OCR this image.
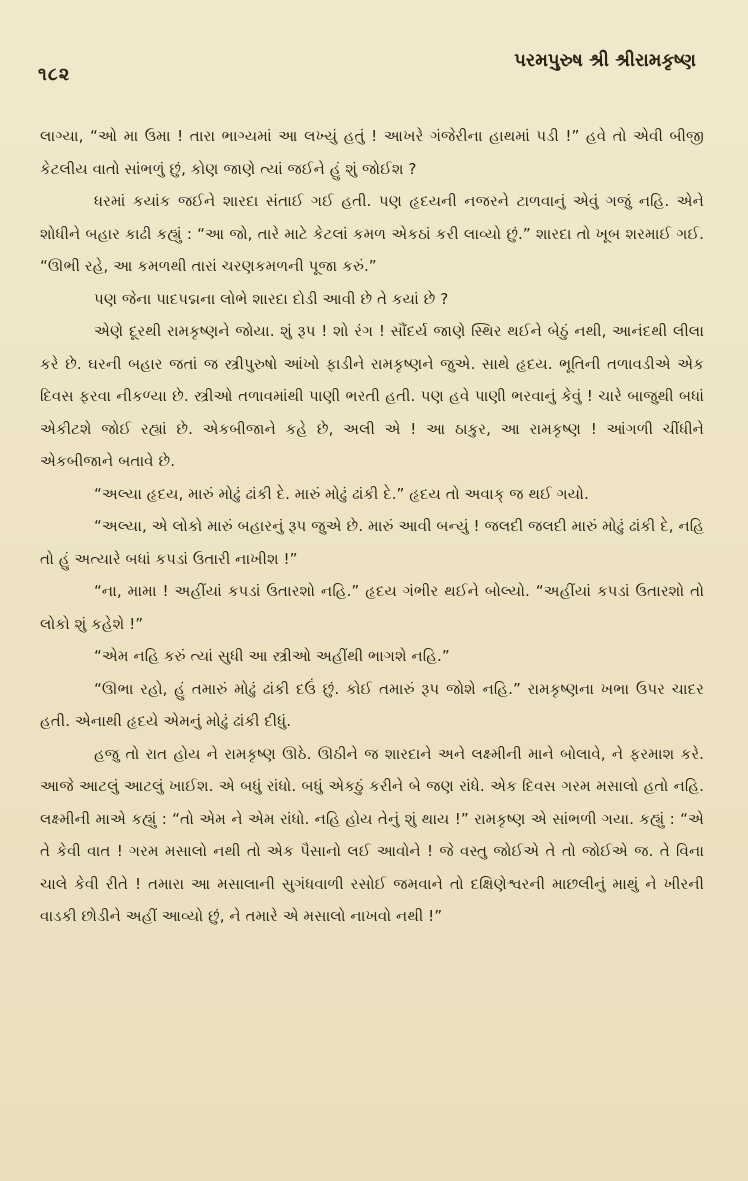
૧૮૨
પરમપુરુષ શ્રી શ્રીરામકૃષ્ણ

લાગ્યા, “ઓ મા ઉમા ! તારા ભાગ્યમાં આ લખ્યું હતું ! આખરે ગંજેરીના હાથમાં પડી !” હવે તો એવી બીજી કેટલીય વાતો સાંભળું છું, કોણ જાણે ત્યાં જઈને હું શું જોઈશ ?

ધરમાં કયાંક જઈને શારદા સંતાઈ ગઈ હતી. પણ હૃદયની નજરને ટાળવાનું એવું ગજું નહિ. એને શોધીને બહાર કાઢી કહ્યું : “આ જો, તારે માટે કેટલાં કમળ એકઠાં કરી લાવ્યો છું.” શારદા તો ખૂબ શરમાઈ ગઈ. “ઊભી રહે, આ કમળથી તારાં ચરણકમળની પૂજા કરું.”

પણ જેના પાદપદ્મના લોભે શારદા દોડી આવી છે તે કયાં છે ?

એણે દૂરથી રામકૃષ્ણને જોયા. શું રૂપ ! શો રંગ ! સૌંદર્ય જાણે સ્થિર થઈને બેઠું નથી, આનંદથી લીલા કરે છે. ઘરની બહાર જતાં જ સ્ત્રીપુરુષો આંખો ફાડીને રામકૃષ્ણને જુએ. સાથે હૃદય. ભૂતિની તળાવડીએ એક દિવસ ફરવા નીકળ્યા છે. સ્ત્રીઓ તળાવમાંથી પાણી ભરતી હતી. પણ હવે પાણી ભરવાનું કેવું ! ચારે બાજુથી બધાં એકીટશે જોઈ રહ્યાં છે. એકબીજાને કહે છે, અલી એ ! આ ઠાકુર, આ રામકૃષ્ણ ! આંગળી ચીંધીને એકબીજાને બતાવે છે.

“અલ્યા હૃદય, મારું મોઢું ઢાંકી દે. મારું મોઢું ઢાંકી દે.” હૃદય તો અવાક્ જ થઈ ગયો.

“અલ્યા, એ લોકો મારું બહારનું રૂપ જુએ છે. મારું આવી બન્યું ! જલદી જલદી મારું મોઢું ઢાંકી દે, નહિ તો હું અત્યારે બધાં કપડાં ઉતારી નાખીશ !”

“ના, મામા ! અહીંયાં કપડાં ઉતારશો નહિ.” હૃદય ગંભીર થઈને બોલ્યો. “અહીંયાં કપડાં ઉતારશો તો લોકો શું કહેશે !”

“એમ નહિ કરું ત્યાં સુધી આ સ્ત્રીઓ અહીંથી ભાગશે નહિ.”

“ઊભા રહો, હું તમારું મોઢું ઢાંકી દઉં છું. કોઈ તમારું રૂપ જોશે નહિ.” રામકૃષ્ણના ખભા ઉપર ચાદર હતી. એનાથી હૃદયે એમનું મોઢું ઢાંકી દીધું.

હજુ તો રાત હોય ને રામકૃષ્ણ ઊઠે. ઊઠીને જ શારદાને અને લક્ષ્મીની માને બોલાવે, ને ફરમાશ કરે. આજે આટલું આટલું ખાઈશ. એ બધું રાંધો. બધું એકઠું કરીને બે જણ રાંધે. એક દિવસ ગરમ મસાલો હતો નહિ. લક્ષ્મીની માએ કહ્યું : “તો એમ ને એમ રાંધો. નહિ હોય તેનું શું થાય !” રામકૃષ્ણ એ સાંભળી ગયા. કહ્યું : “એ તે કેવી વાત ! ગરમ મસાલો નથી તો એક પૈસાનો લઈ આવોને ! જે વસ્તુ જોઈએ તે તો જોઈએ જ. તે વિના ચાલે કેવી રીતે ! તમારા આ મસાલાની સુગંધવાળી રસોઈ જમવાને તો દક્ષિણેશ્વરની માછલીનું માથું ને ખીરની વાડકી છોડીને અહીં આવ્યો છું, ને તમારે એ મસાલો નાખવો નથી !”
